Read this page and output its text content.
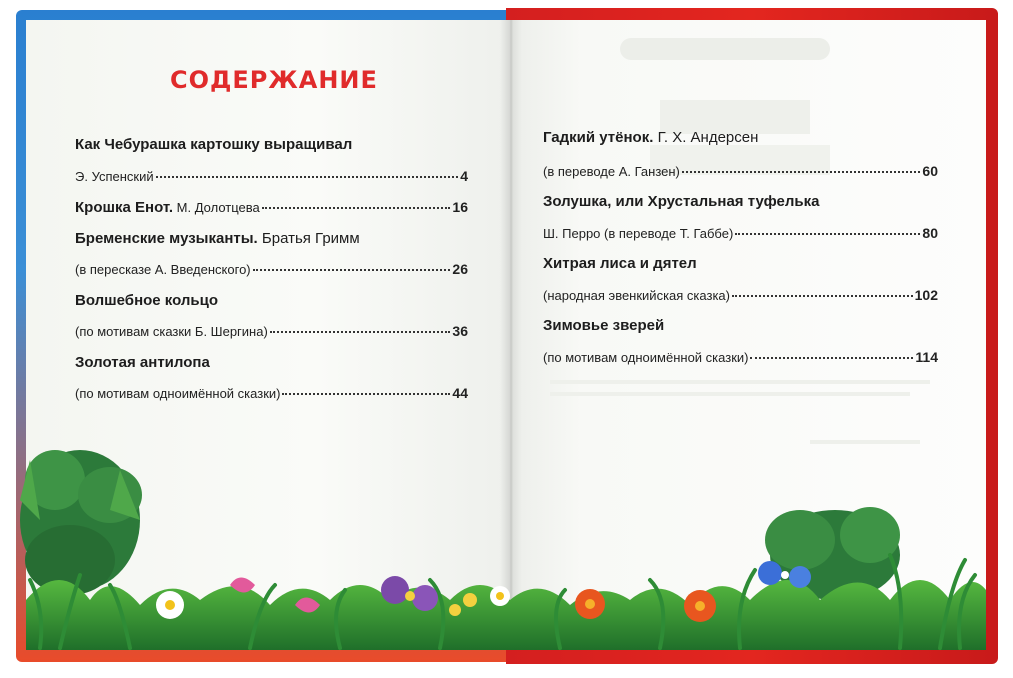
СОДЕРЖАНИЕ
Как Чебурашка картошку выращивал
Э. Успенский	4
Крошка Енот. М. Долотцева	16
Бременские музыканты. Братья Гримм
(в пересказе А. Введенского)	26
Волшебное кольцо
(по мотивам сказки Б. Шергина)	36
Золотая антилопа
(по мотивам одноимённой сказки)	44
Гадкий утёнок. Г. Х. Андерсен
(в переводе А. Ганзен)	60
Золушка, или Хрустальная туфелька
Ш. Перро (в переводе Т. Габбе)	80
Хитрая лиса и дятел
(народная эвенкийская сказка)	102
Зимовье зверей
(по мотивам одноимённой сказки)	114
